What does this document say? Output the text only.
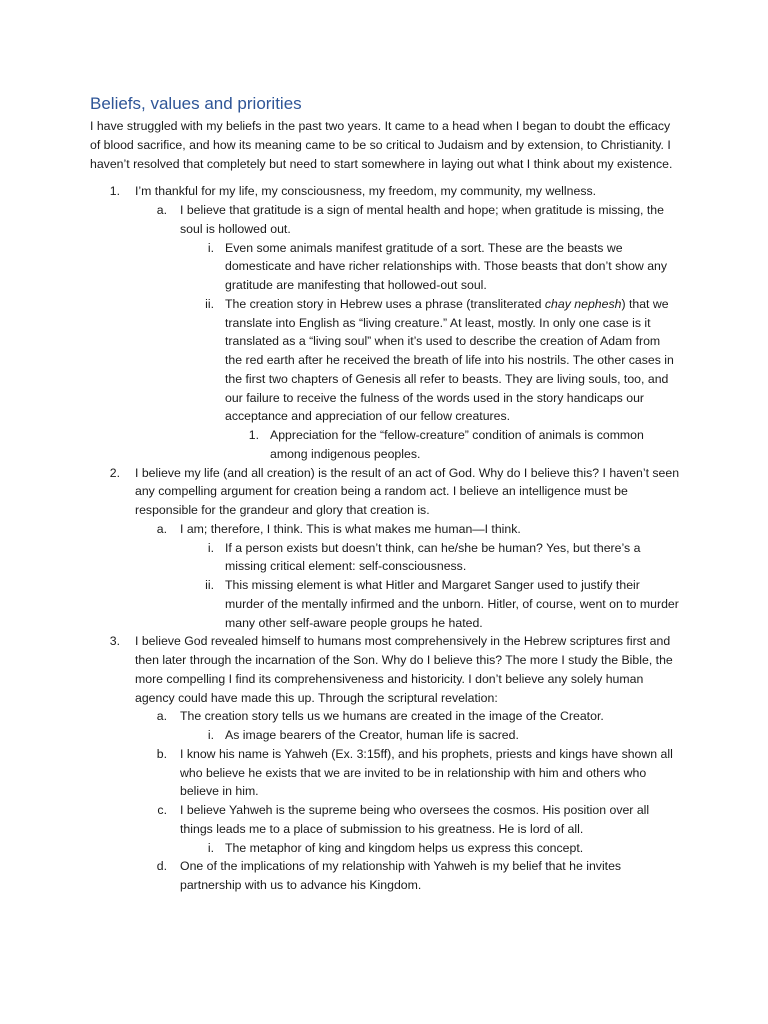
Beliefs, values and priorities

I have struggled with my beliefs in the past two years. It came to a head when I began to doubt the efficacy of blood sacrifice, and how its meaning came to be so critical to Judaism and by extension, to Christianity. I haven’t resolved that completely but need to start somewhere in laying out what I think about my existence.

1. I’m thankful for my life, my consciousness, my freedom, my community, my wellness.
a. I believe that gratitude is a sign of mental health and hope; when gratitude is missing, the soul is hollowed out.
i. Even some animals manifest gratitude of a sort. These are the beasts we domesticate and have richer relationships with. Those beasts that don’t show any gratitude are manifesting that hollowed-out soul.
ii. The creation story in Hebrew uses a phrase (transliterated chay nephesh) that we translate into English as “living creature.” At least, mostly. In only one case is it translated as a “living soul” when it’s used to describe the creation of Adam from the red earth after he received the breath of life into his nostrils. The other cases in the first two chapters of Genesis all refer to beasts. They are living souls, too, and our failure to receive the fulness of the words used in the story handicaps our acceptance and appreciation of our fellow creatures.
1. Appreciation for the “fellow-creature” condition of animals is common among indigenous peoples.
2. I believe my life (and all creation) is the result of an act of God. Why do I believe this? I haven’t seen any compelling argument for creation being a random act. I believe an intelligence must be responsible for the grandeur and glory that creation is.
a. I am; therefore, I think. This is what makes me human—I think.
i. If a person exists but doesn’t think, can he/she be human? Yes, but there’s a missing critical element: self-consciousness.
ii. This missing element is what Hitler and Margaret Sanger used to justify their murder of the mentally infirmed and the unborn. Hitler, of course, went on to murder many other self-aware people groups he hated.
3. I believe God revealed himself to humans most comprehensively in the Hebrew scriptures first and then later through the incarnation of the Son. Why do I believe this? The more I study the Bible, the more compelling I find its comprehensiveness and historicity. I don’t believe any solely human agency could have made this up. Through the scriptural revelation:
a. The creation story tells us we humans are created in the image of the Creator.
i. As image bearers of the Creator, human life is sacred.
b. I know his name is Yahweh (Ex. 3:15ff), and his prophets, priests and kings have shown all who believe he exists that we are invited to be in relationship with him and others who believe in him.
c. I believe Yahweh is the supreme being who oversees the cosmos. His position over all things leads me to a place of submission to his greatness. He is lord of all.
i. The metaphor of king and kingdom helps us express this concept.
d. One of the implications of my relationship with Yahweh is my belief that he invites partnership with us to advance his Kingdom.
